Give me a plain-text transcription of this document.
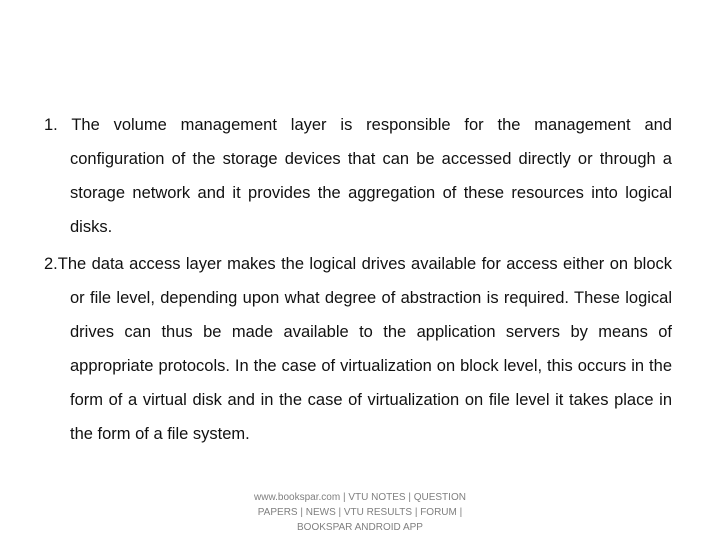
1. The volume management layer is responsible for the management and configuration of the storage devices that can be accessed directly or through a storage network and it provides the aggregation of these resources into logical disks.

2.The data access layer makes the logical drives available for access either on block or file level, depending upon what degree of abstraction is required. These logical drives can thus be made available to the application servers by means of appropriate protocols. In the case of virtualization on block level, this occurs in the form of a virtual disk and in the case of virtualization on file level it takes place in the form of a file system.

www.bookspar.com | VTU NOTES | QUESTION PAPERS | NEWS | VTU RESULTS | FORUM | BOOKSPAR ANDROID APP
